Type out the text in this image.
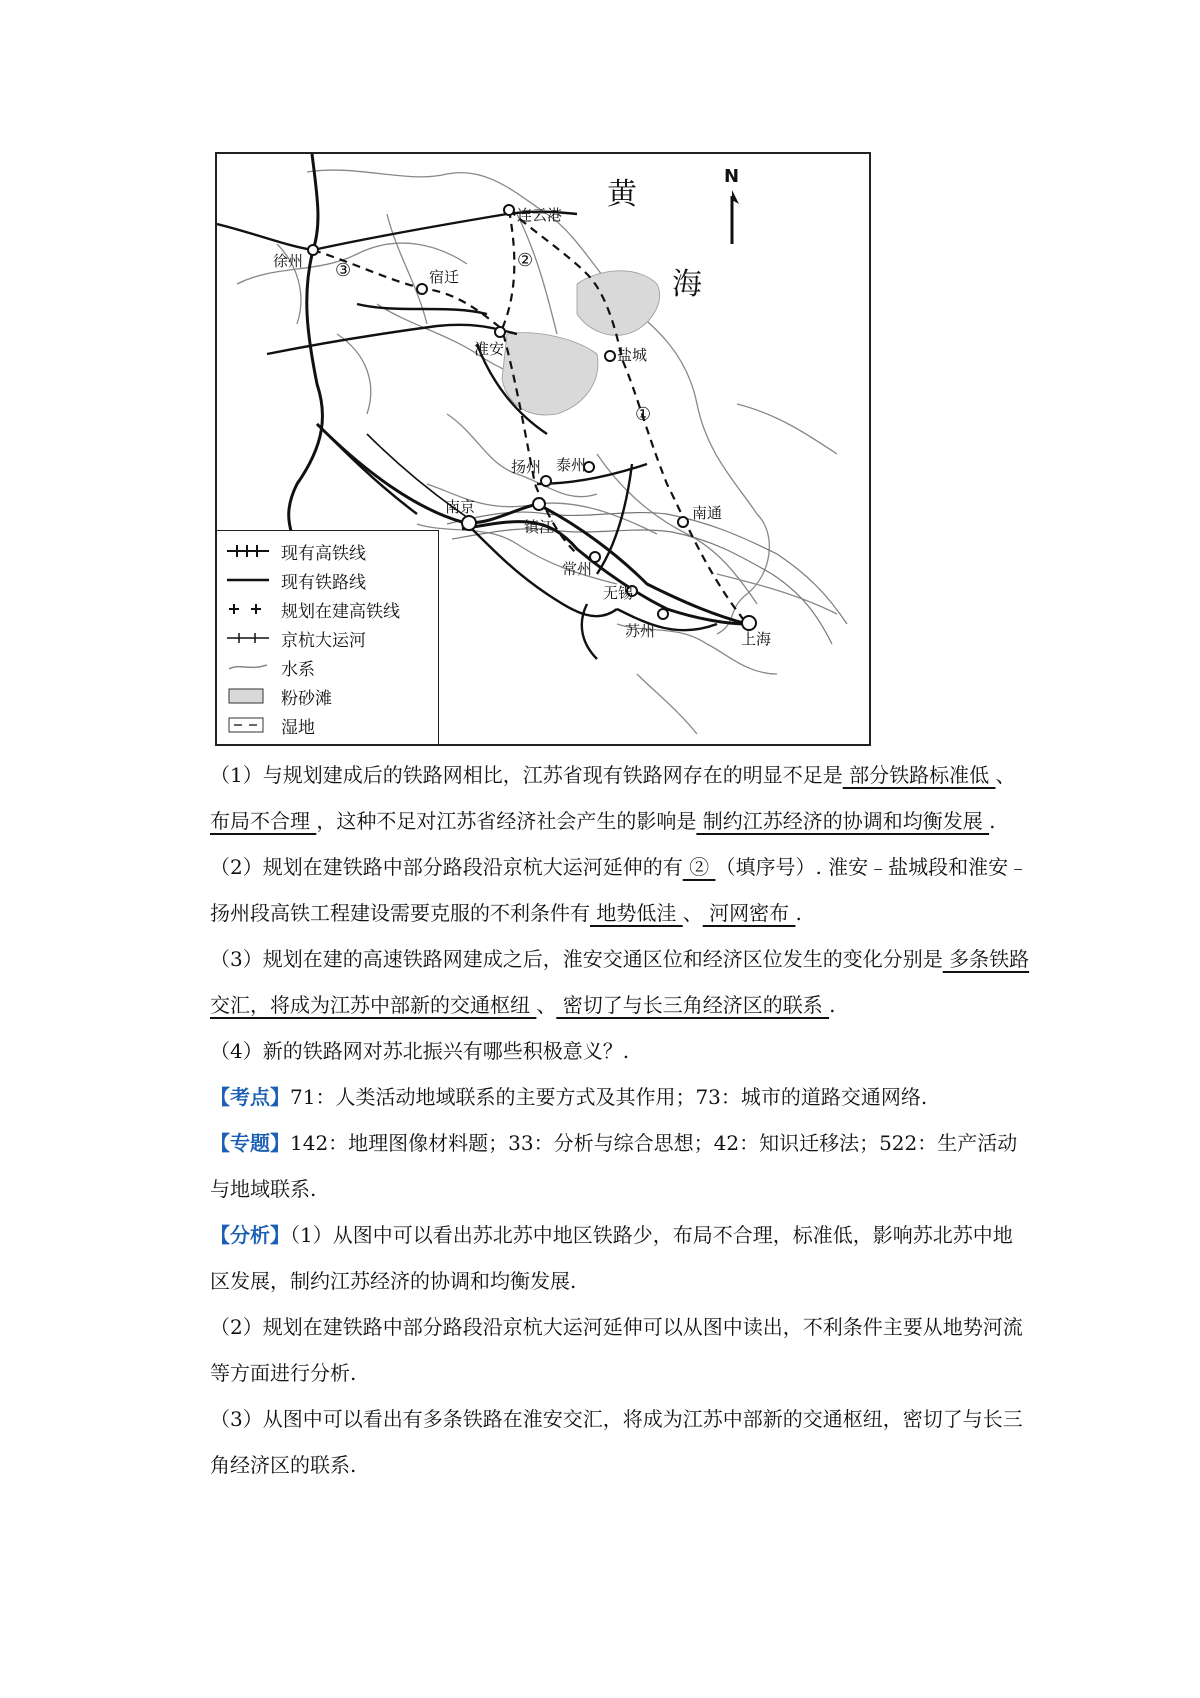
连云港
徐州
宿迁
淮安	盐城
泰州
扬州
南京
镇江
南通
常州
无锡
苏州	上海
①
②
③
黄
海
N
现有高铁线
现有铁路线
规划在建高铁线
京杭大运河
水系
粉砂滩
湿地

（1）与规划建成后的铁路网相比，江苏省现有铁路网存在的明显不足是 部分铁路标准低 、 布局不合理 ，这种不足对江苏省经济社会产生的影响是 制约江苏经济的协调和均衡发展 .

（2）规划在建铁路中部分路段沿京杭大运河延伸的有 ② （填序号）. 淮安﹣盐城段和淮安﹣扬州段高铁工程建设需要克服的不利条件有 地势低洼 、 河网密布 .

（3）规划在建的高速铁路网建成之后，淮安交通区位和经济区位发生的变化分别是 多条铁路交汇，将成为江苏中部新的交通枢纽 、 密切了与长三角经济区的联系 .

（4）新的铁路网对苏北振兴有哪些积极意义？.

【考点】71：人类活动地域联系的主要方式及其作用；73：城市的道路交通网络.

【专题】142：地理图像材料题；33：分析与综合思想；42：知识迁移法；522：生产活动与地域联系.

【分析】（1）从图中可以看出苏北苏中地区铁路少，布局不合理，标准低，影响苏北苏中地区发展，制约江苏经济的协调和均衡发展.

（2）规划在建铁路中部分路段沿京杭大运河延伸可以从图中读出，不利条件主要从地势河流等方面进行分析.

（3）从图中可以看出有多条铁路在淮安交汇，将成为江苏中部新的交通枢纽，密切了与长三角经济区的联系.
